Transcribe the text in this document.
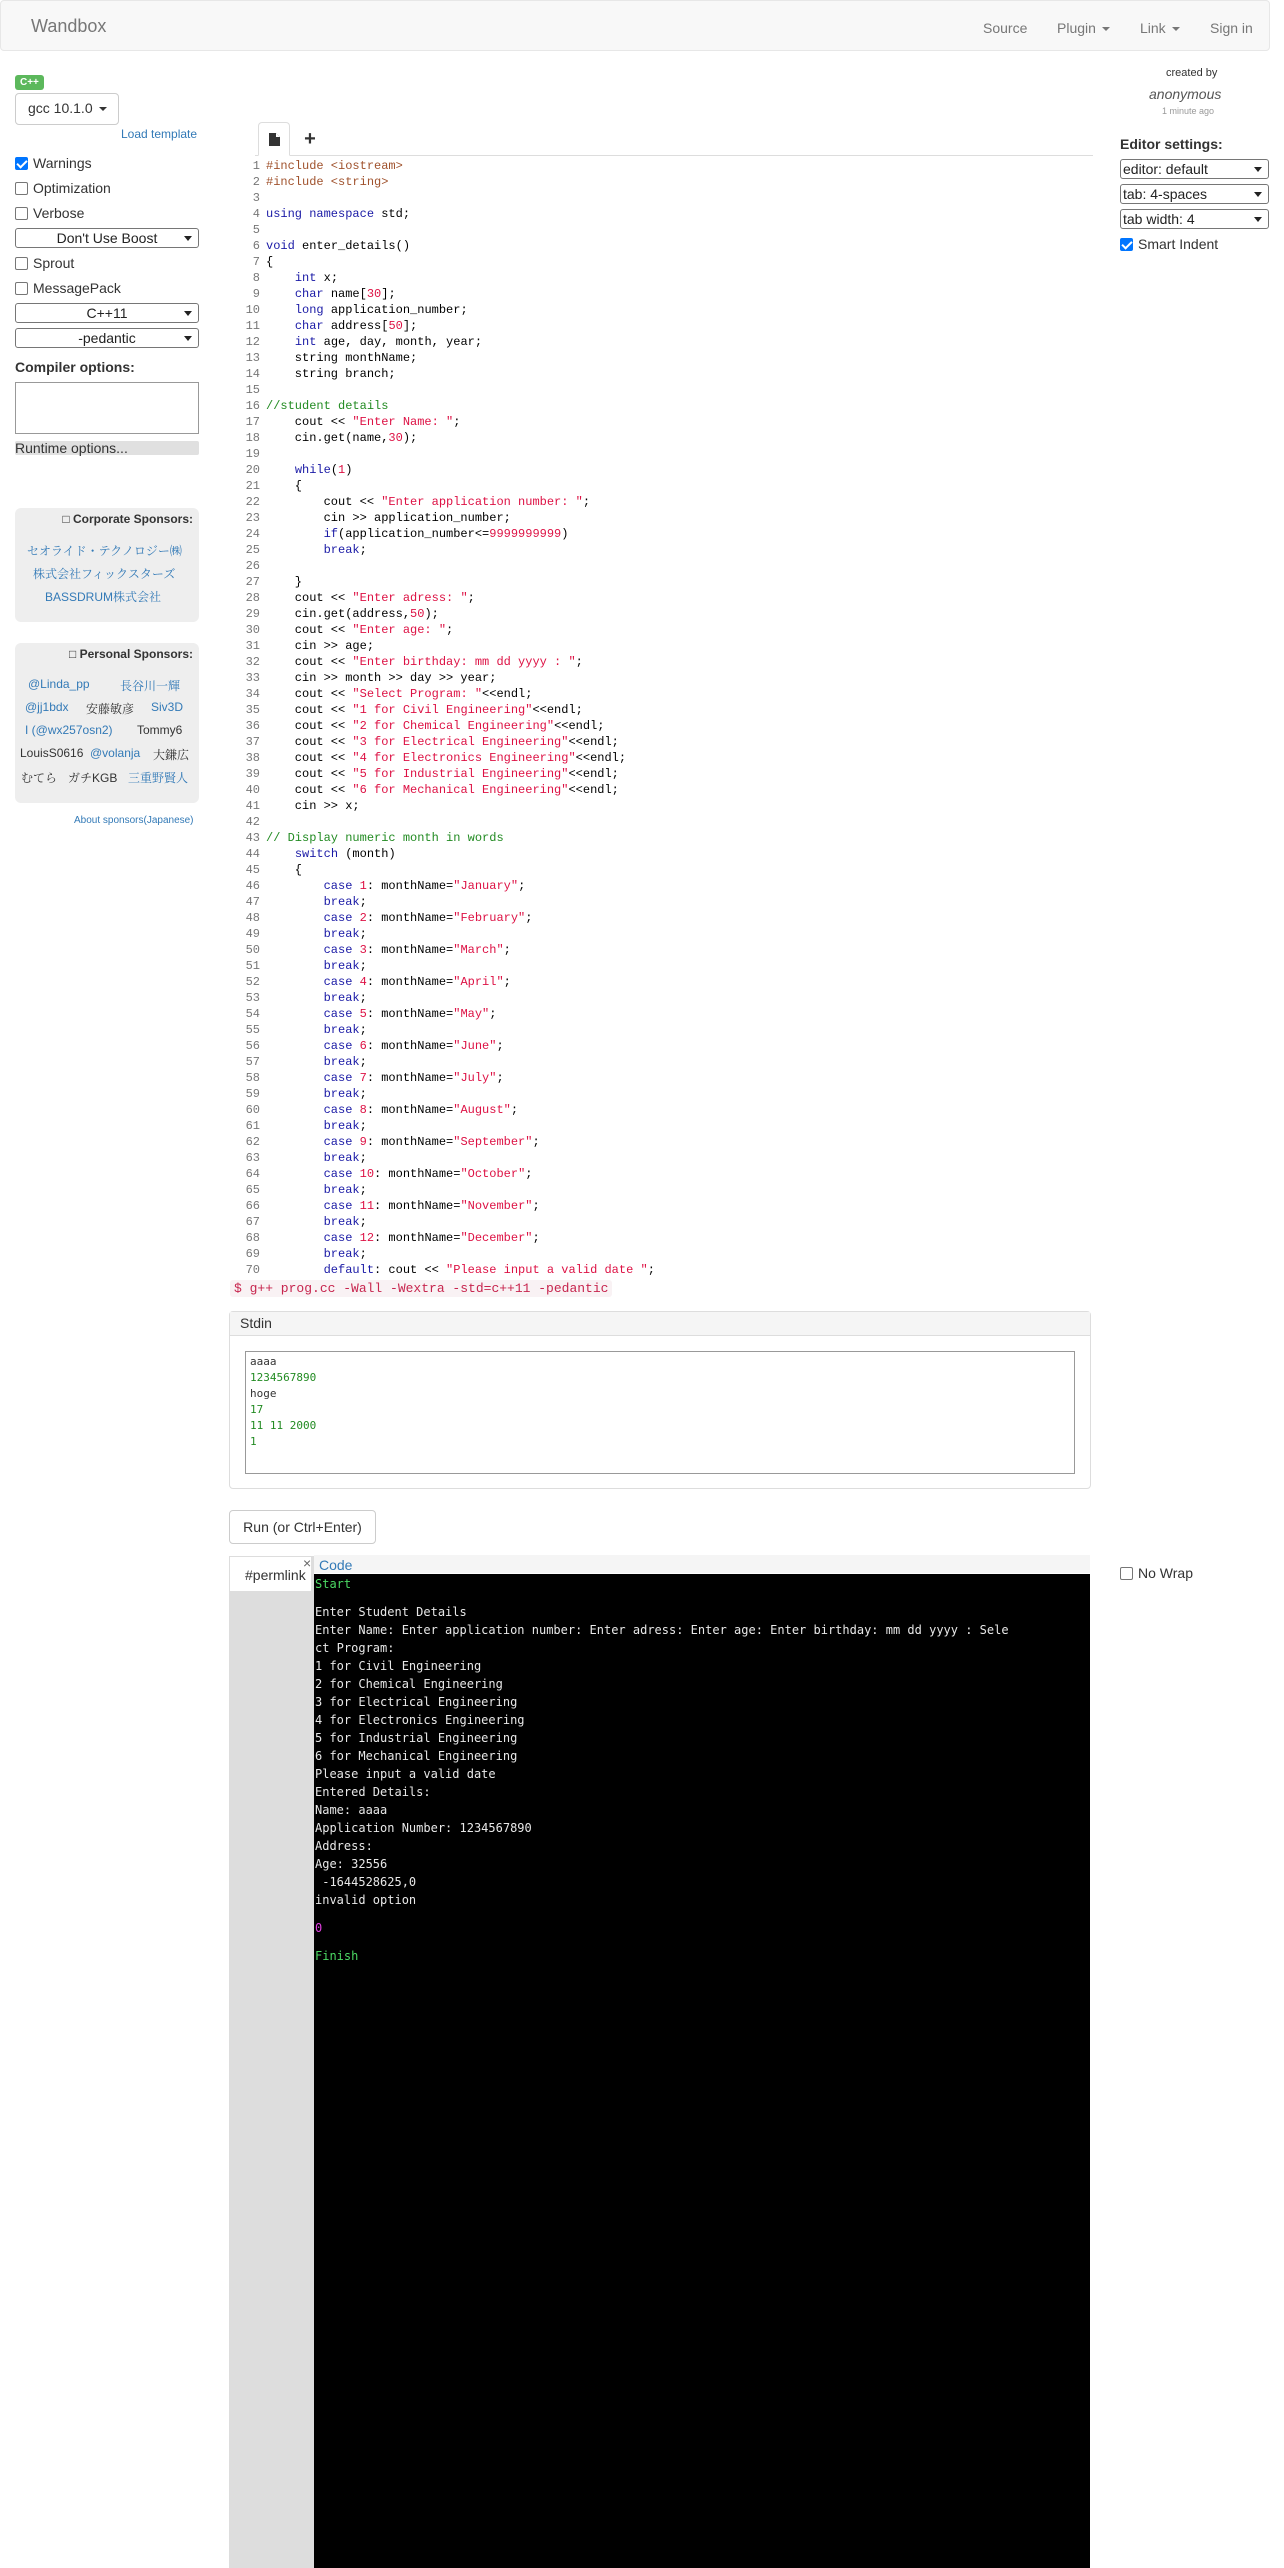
Wandbox	Source Plugin	Link	Sign in
C++
gcc 10.1.0
Load template
Warnings
Optimization
Verbose
Don't Use Boost
Sprout
MessagePack
C++11
-pedantic
Compiler options:
Runtime options...
□ Corporate Sponsors:
セオライド・テクノロジー㈱
株式会社フィックスターズ
BASSDRUM株式会社
□ Personal Sponsors:
@Linda_pp	長谷川一輝
@jj1bdx 安藤敏彦 Siv3D
I (@wx257osn2) Tommy6
LouisS0616 @volanja 大鎌広
むてら ガチKGB 三重野賢人
About sponsors(Japanese)
created by
anonymous
1 minute ago
+
1 #include <iostream>
2 #include <string>
3
4 using namespace std;
5
6 void enter_details()
7 {
8	int x;
9	char name[30];
10	long application_number;
11	char address[50];
12	int age, day, month, year;
13 string monthName;
14 string branch;
15
16 //student details
17 cout << "Enter Name: ";
18 cin.get(name,30);
19
20	while(1)
21 {
22 cout << "Enter application number: ";
23 cin >> application_number;
24	if(application_number<=9999999999)
25	break;
26
27 }
28 cout << "Enter adress: ";
29 cin.get(address,50);
30 cout << "Enter age: ";
31 cin >> age;
32 cout << "Enter birthday: mm dd yyyy : ";
33 cin >> month >> day >> year;
34 cout << "Select Program: "<<endl;
35 cout << "1 for Civil Engineering"<<endl;
36 cout << "2 for Chemical Engineering"<<endl;
37 cout << "3 for Electrical Engineering"<<endl;
38 cout << "4 for Electronics Engineering"<<endl;
39 cout << "5 for Industrial Engineering"<<endl;
40 cout << "6 for Mechanical Engineering"<<endl;
41 cin >> x;
42
43 // Display numeric month in words
44	switch (month)
45 {
46	case 1: monthName="January";
47	break;
48	case 2: monthName="February";
49	break;
50	case 3: monthName="March";
51	break;
52	case 4: monthName="April";
53	break;
54	case 5: monthName="May";
55	break;
56	case 6: monthName="June";
57	break;
58	case 7: monthName="July";
59	break;
60	case 8: monthName="August";
61	break;
62	case 9: monthName="September";
63	break;
64	case 10: monthName="October";
65	break;
66	case 11: monthName="November";
67	break;
68	case 12: monthName="December";
69	break;
70	default: cout << "Please input a valid date ";
Editor settings:
editor: default
tab: 4-spaces
tab width: 4
Smart Indent
$ g++ prog.cc -Wall -Wextra -std=c++11 -pedantic
Stdin
aaaa
1234567890
hoge
17
11 11 2000
1
Run (or Ctrl+Enter)
#permlink
× Code
Start
Enter Student Details
Enter Name: Enter application number: Enter adress: Enter age: Enter birthday: mm dd yyyy : Sele
ct Program:
1 for Civil Engineering
2 for Chemical Engineering
3 for Electrical Engineering
4 for Electronics Engineering
5 for Industrial Engineering
6 for Mechanical Engineering
Please input a valid date
Entered Details:
Name: aaaa
Application Number: 1234567890
Address:
Age: 32556
-1644528625,0
invalid option
0
Finish
No Wrap
